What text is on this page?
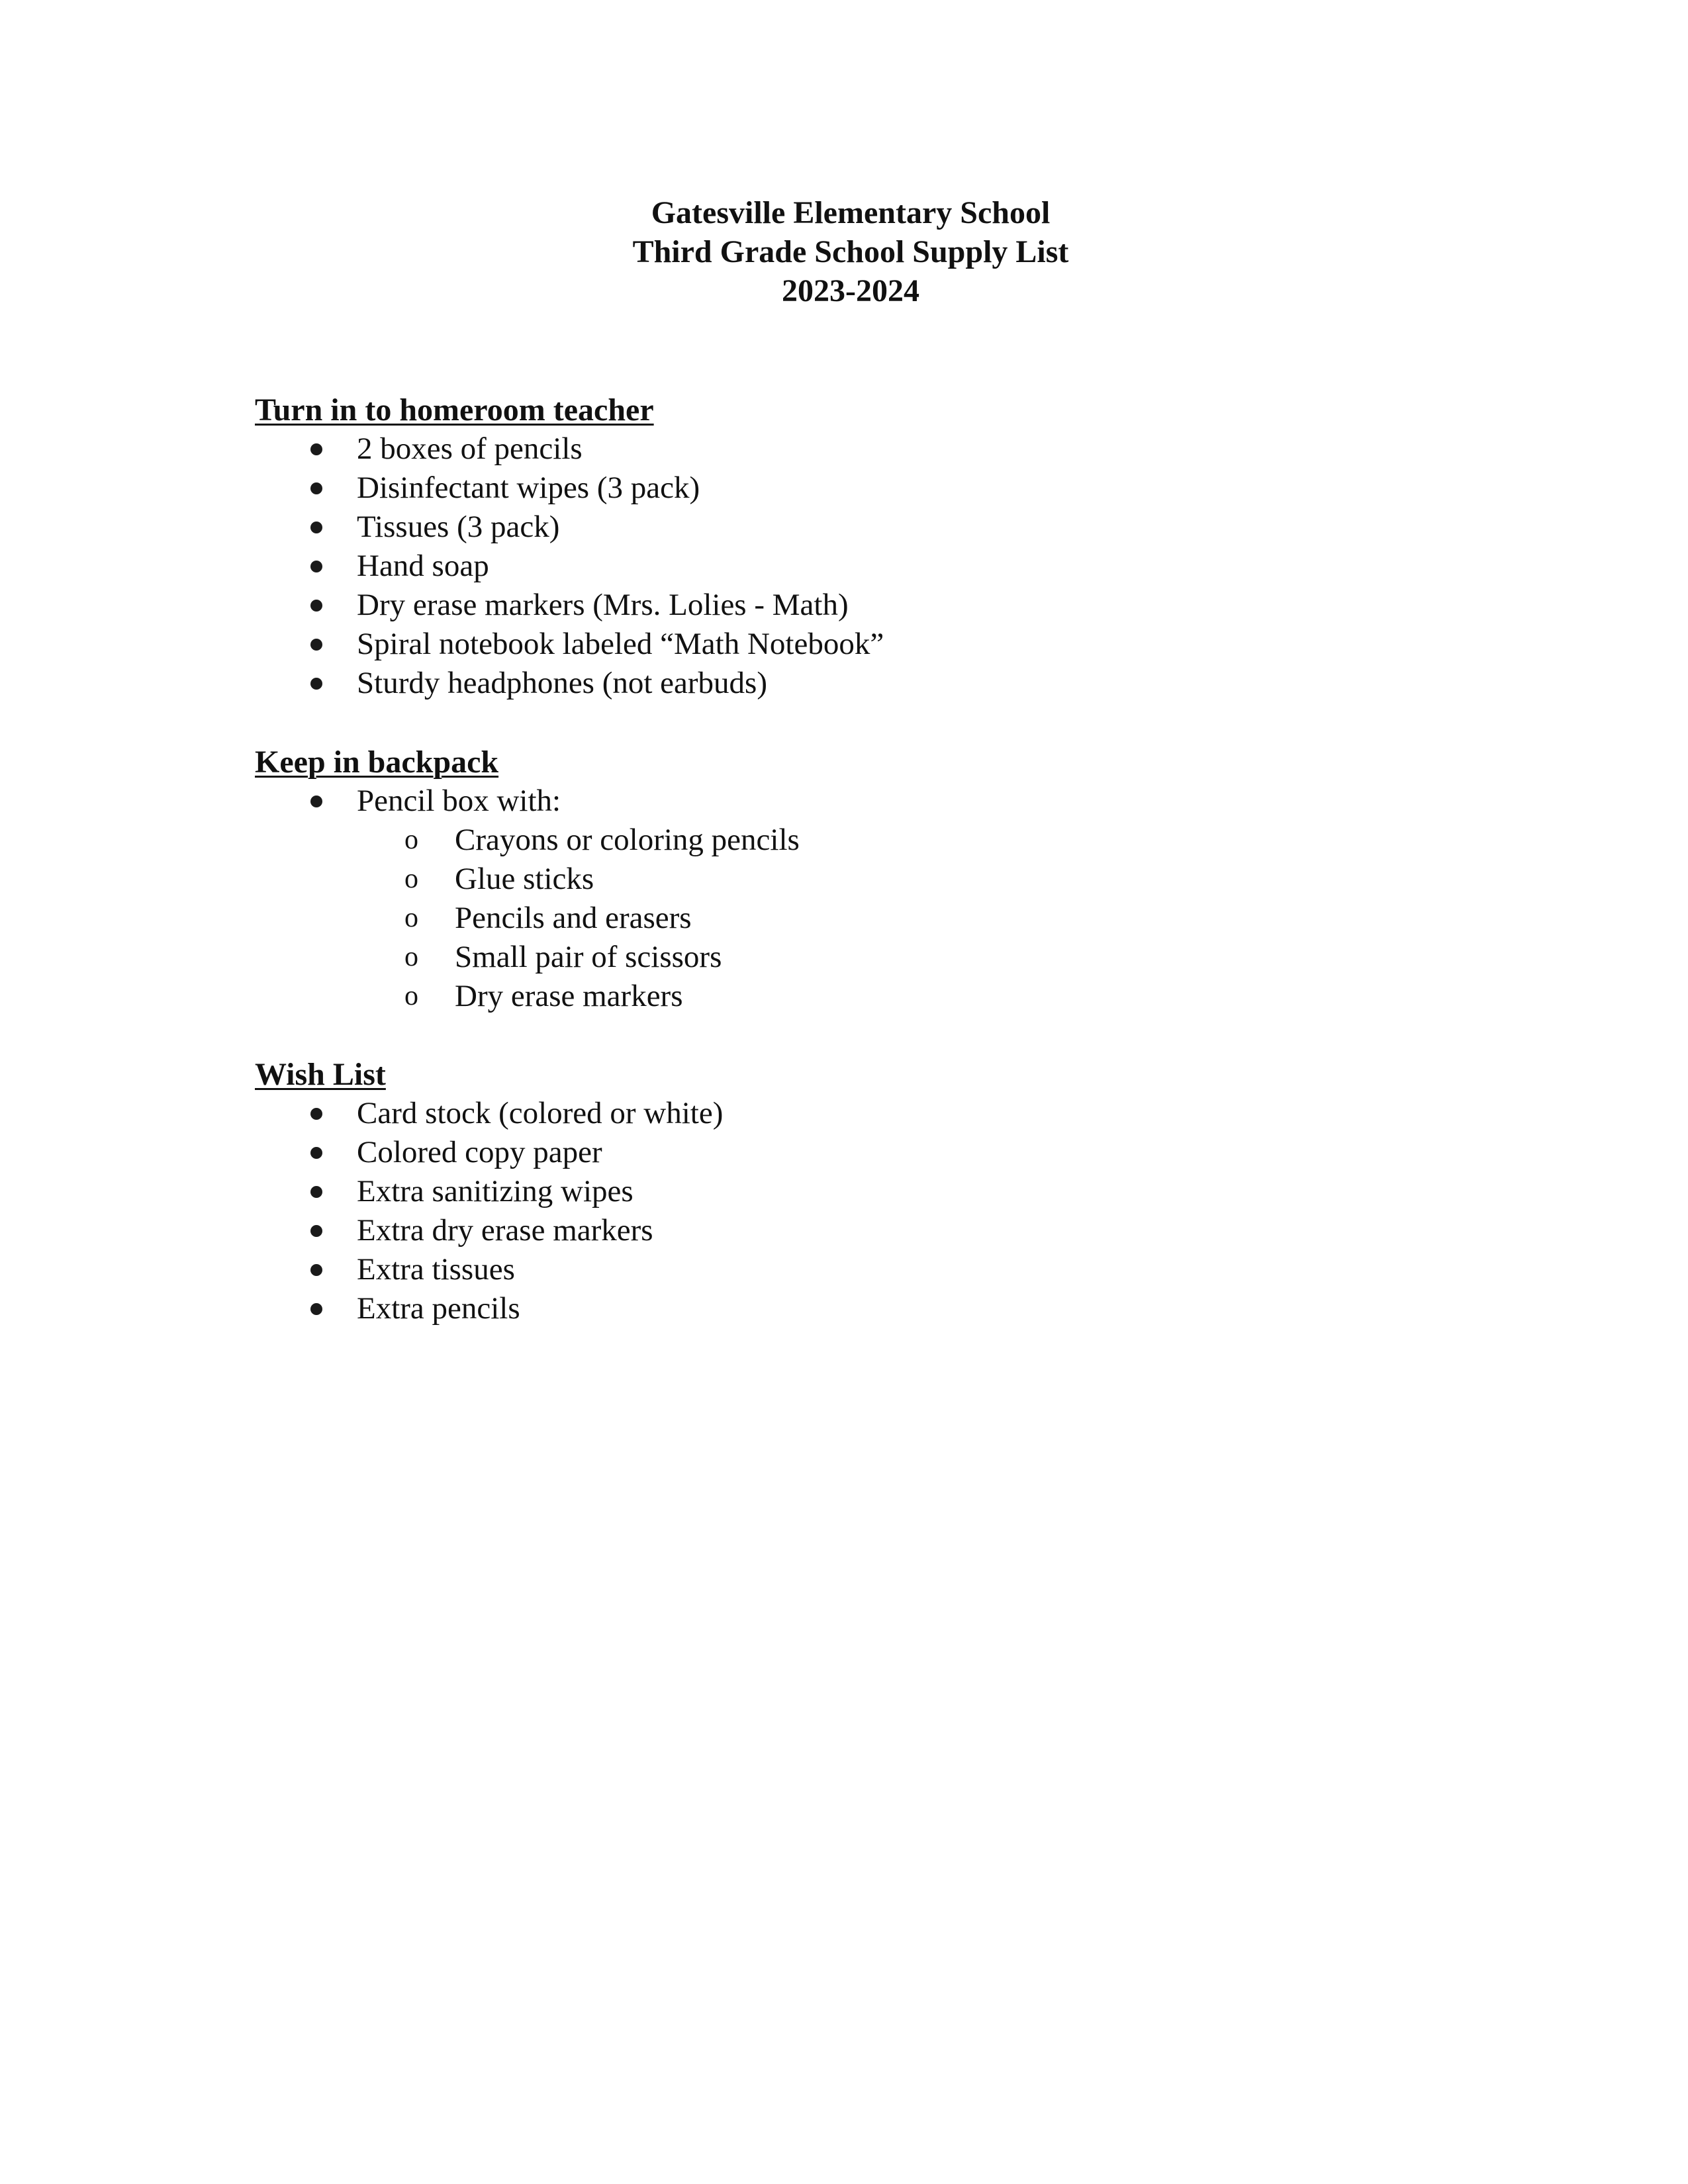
Gatesville Elementary School
Third Grade School Supply List
2023-2024
Turn in to homeroom teacher
2 boxes of pencils
Disinfectant wipes (3 pack)
Tissues (3 pack)
Hand soap
Dry erase markers (Mrs. Lolies - Math)
Spiral notebook labeled “Math Notebook”
Sturdy headphones (not earbuds)
Keep in backpack
Pencil box with:
o Crayons or coloring pencils
o Glue sticks
o Pencils and erasers
o Small pair of scissors
o Dry erase markers
Wish List
Card stock (colored or white)
Colored copy paper
Extra sanitizing wipes
Extra dry erase markers
Extra tissues
Extra pencils
